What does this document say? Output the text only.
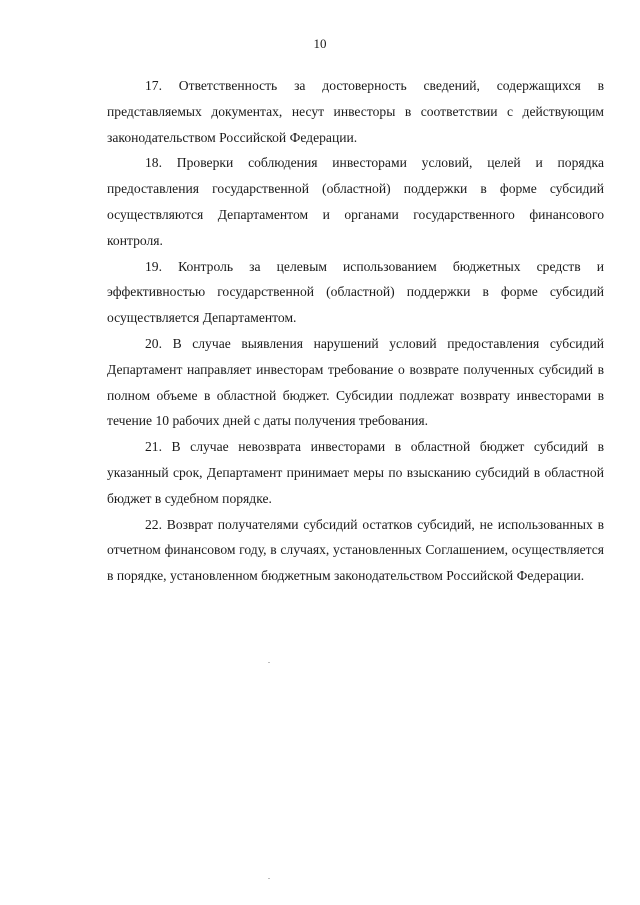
10

17. Ответственность за достоверность сведений, содержащихся в представляемых документах, несут инвесторы в соответствии с действующим законодательством Российской Федерации.

18. Проверки соблюдения инвесторами условий, целей и порядка предоставления государственной (областной) поддержки в форме субсидий осуществляются Департаментом и органами государственного финансового контроля.

19. Контроль за целевым использованием бюджетных средств и эффективностью государственной (областной) поддержки в форме субсидий осуществляется Департаментом.

20. В случае выявления нарушений условий предоставления субсидий Департамент направляет инвесторам требование о возврате полученных субсидий в полном объеме в областной бюджет. Субсидии подлежат возврату инвесторами в течение 10 рабочих дней с даты получения требования.

21. В случае невозврата инвесторами в областной бюджет субсидий в указанный срок, Департамент принимает меры по взысканию субсидий в областной бюджет в судебном порядке.

22. Возврат получателями субсидий остатков субсидий, не использованных в отчетном финансовом году, в случаях, установленных Соглашением, осуществляется в порядке, установленном бюджетным законодательством Российской Федерации.
